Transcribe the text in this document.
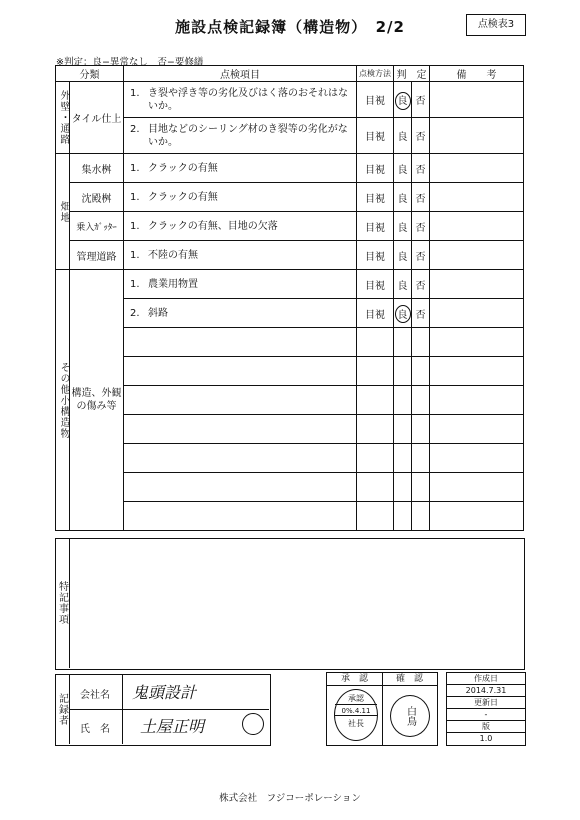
施設点検記録簿（構造物）　2/2	点検表3
※判定：良−異常なし　否−要修繕
分類		点検項目	点検方法	判　定		備　　考

外壁・通路	タイル仕上	1. き裂や浮き等の劣化及びはく落のおそれはないか。	目視	良	否	

		2. 目地などのシーリング材のき裂等の劣化がないか。	目視	良	否	

畑地	集水桝	1. クラックの有無	目視	良	否	
	沈殿桝	1. クラックの有無	目視	良	否	
	乗入ｶﾞｯﾀｰ	1. クラックの有無、目地の欠落	目視	良	否	
	管理道路	1. 不陸の有無	目視	良	否	

その他小構造物	構造、外観の傷み等	1. 農業用物置	目視	良	否	

		2. 斜路	目視	良	否	

特記事項
記録者 会社名 鬼頭設計
氏　名 土屋正明
承　認	確　認
承認
0%.4.11
社長	白鳥
作成日
2014.7.31
更新日
-
版
1.0
株式会社　フジコーポレーション
